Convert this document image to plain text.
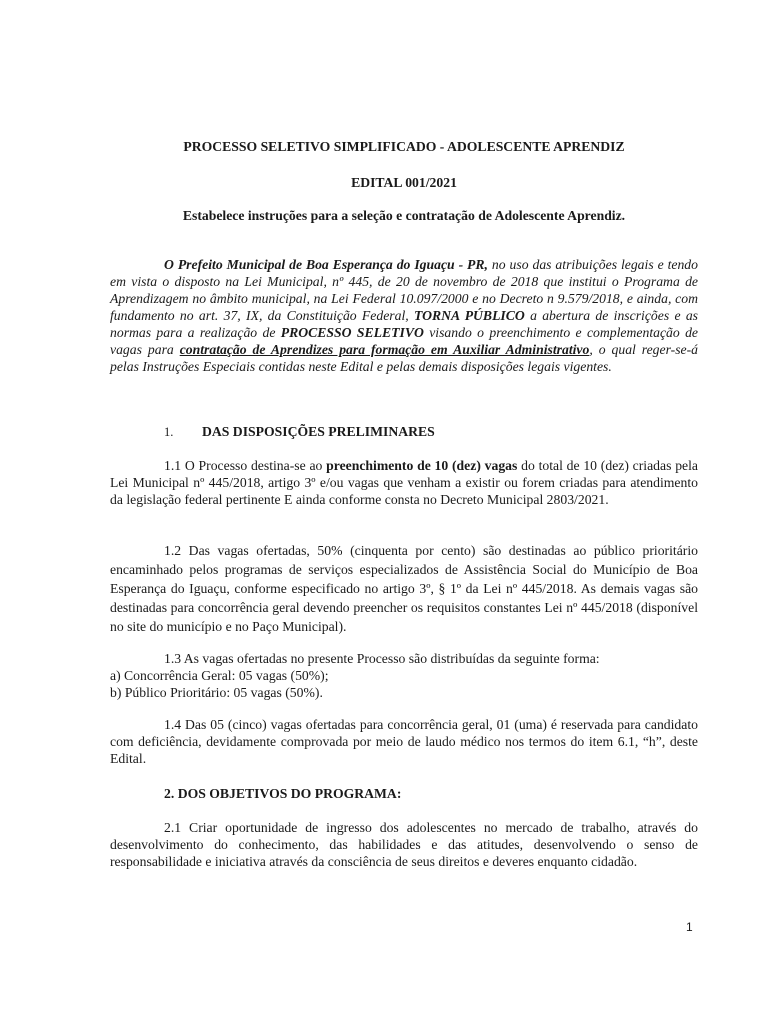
PROCESSO SELETIVO SIMPLIFICADO - ADOLESCENTE APRENDIZ

EDITAL 001/2021

Estabelece instruções para a seleção e contratação de Adolescente Aprendiz.

O Prefeito Municipal de Boa Esperança do Iguaçu - PR, no uso das atribuições legais e tendo em vista o disposto na Lei Municipal, nº 445, de 20 de novembro de 2018 que institui o Programa de Aprendizagem no âmbito municipal, na Lei Federal 10.097/2000 e no Decreto n 9.579/2018, e ainda, com fundamento no art. 37, IX, da Constituição Federal, TORNA PÚBLICO a abertura de inscrições e as normas para a realização de PROCESSO SELETIVO visando o preenchimento e complementação de vagas para contratação de Aprendizes para formação em Auxiliar Administrativo, o qual reger-se-á pelas Instruções Especiais contidas neste Edital e pelas demais disposições legais vigentes.

1. DAS DISPOSIÇÕES PRELIMINARES

1.1 O Processo destina-se ao preenchimento de 10 (dez) vagas do total de 10 (dez) criadas pela Lei Municipal nº 445/2018, artigo 3º e/ou vagas que venham a existir ou forem criadas para atendimento da legislação federal pertinente E ainda conforme consta no Decreto Municipal 2803/2021.

1.2 Das vagas ofertadas, 50% (cinquenta por cento) são destinadas ao público prioritário encaminhado pelos programas de serviços especializados de Assistência Social do Município de Boa Esperança do Iguaçu, conforme especificado no artigo 3º, § 1º da Lei nº 445/2018. As demais vagas são destinadas para concorrência geral devendo preencher os requisitos constantes Lei nº 445/2018 (disponível no site do município e no Paço Municipal).

1.3 As vagas ofertadas no presente Processo são distribuídas da seguinte forma:
a) Concorrência Geral: 05 vagas (50%);
b) Público Prioritário: 05 vagas (50%).

1.4 Das 05 (cinco) vagas ofertadas para concorrência geral, 01 (uma) é reservada para candidato com deficiência, devidamente comprovada por meio de laudo médico nos termos do item 6.1, “h”, deste Edital.

2. DOS OBJETIVOS DO PROGRAMA:

2.1 Criar oportunidade de ingresso dos adolescentes no mercado de trabalho, através do desenvolvimento do conhecimento, das habilidades e das atitudes, desenvolvendo o senso de responsabilidade e iniciativa através da consciência de seus direitos e deveres enquanto cidadão.

1
